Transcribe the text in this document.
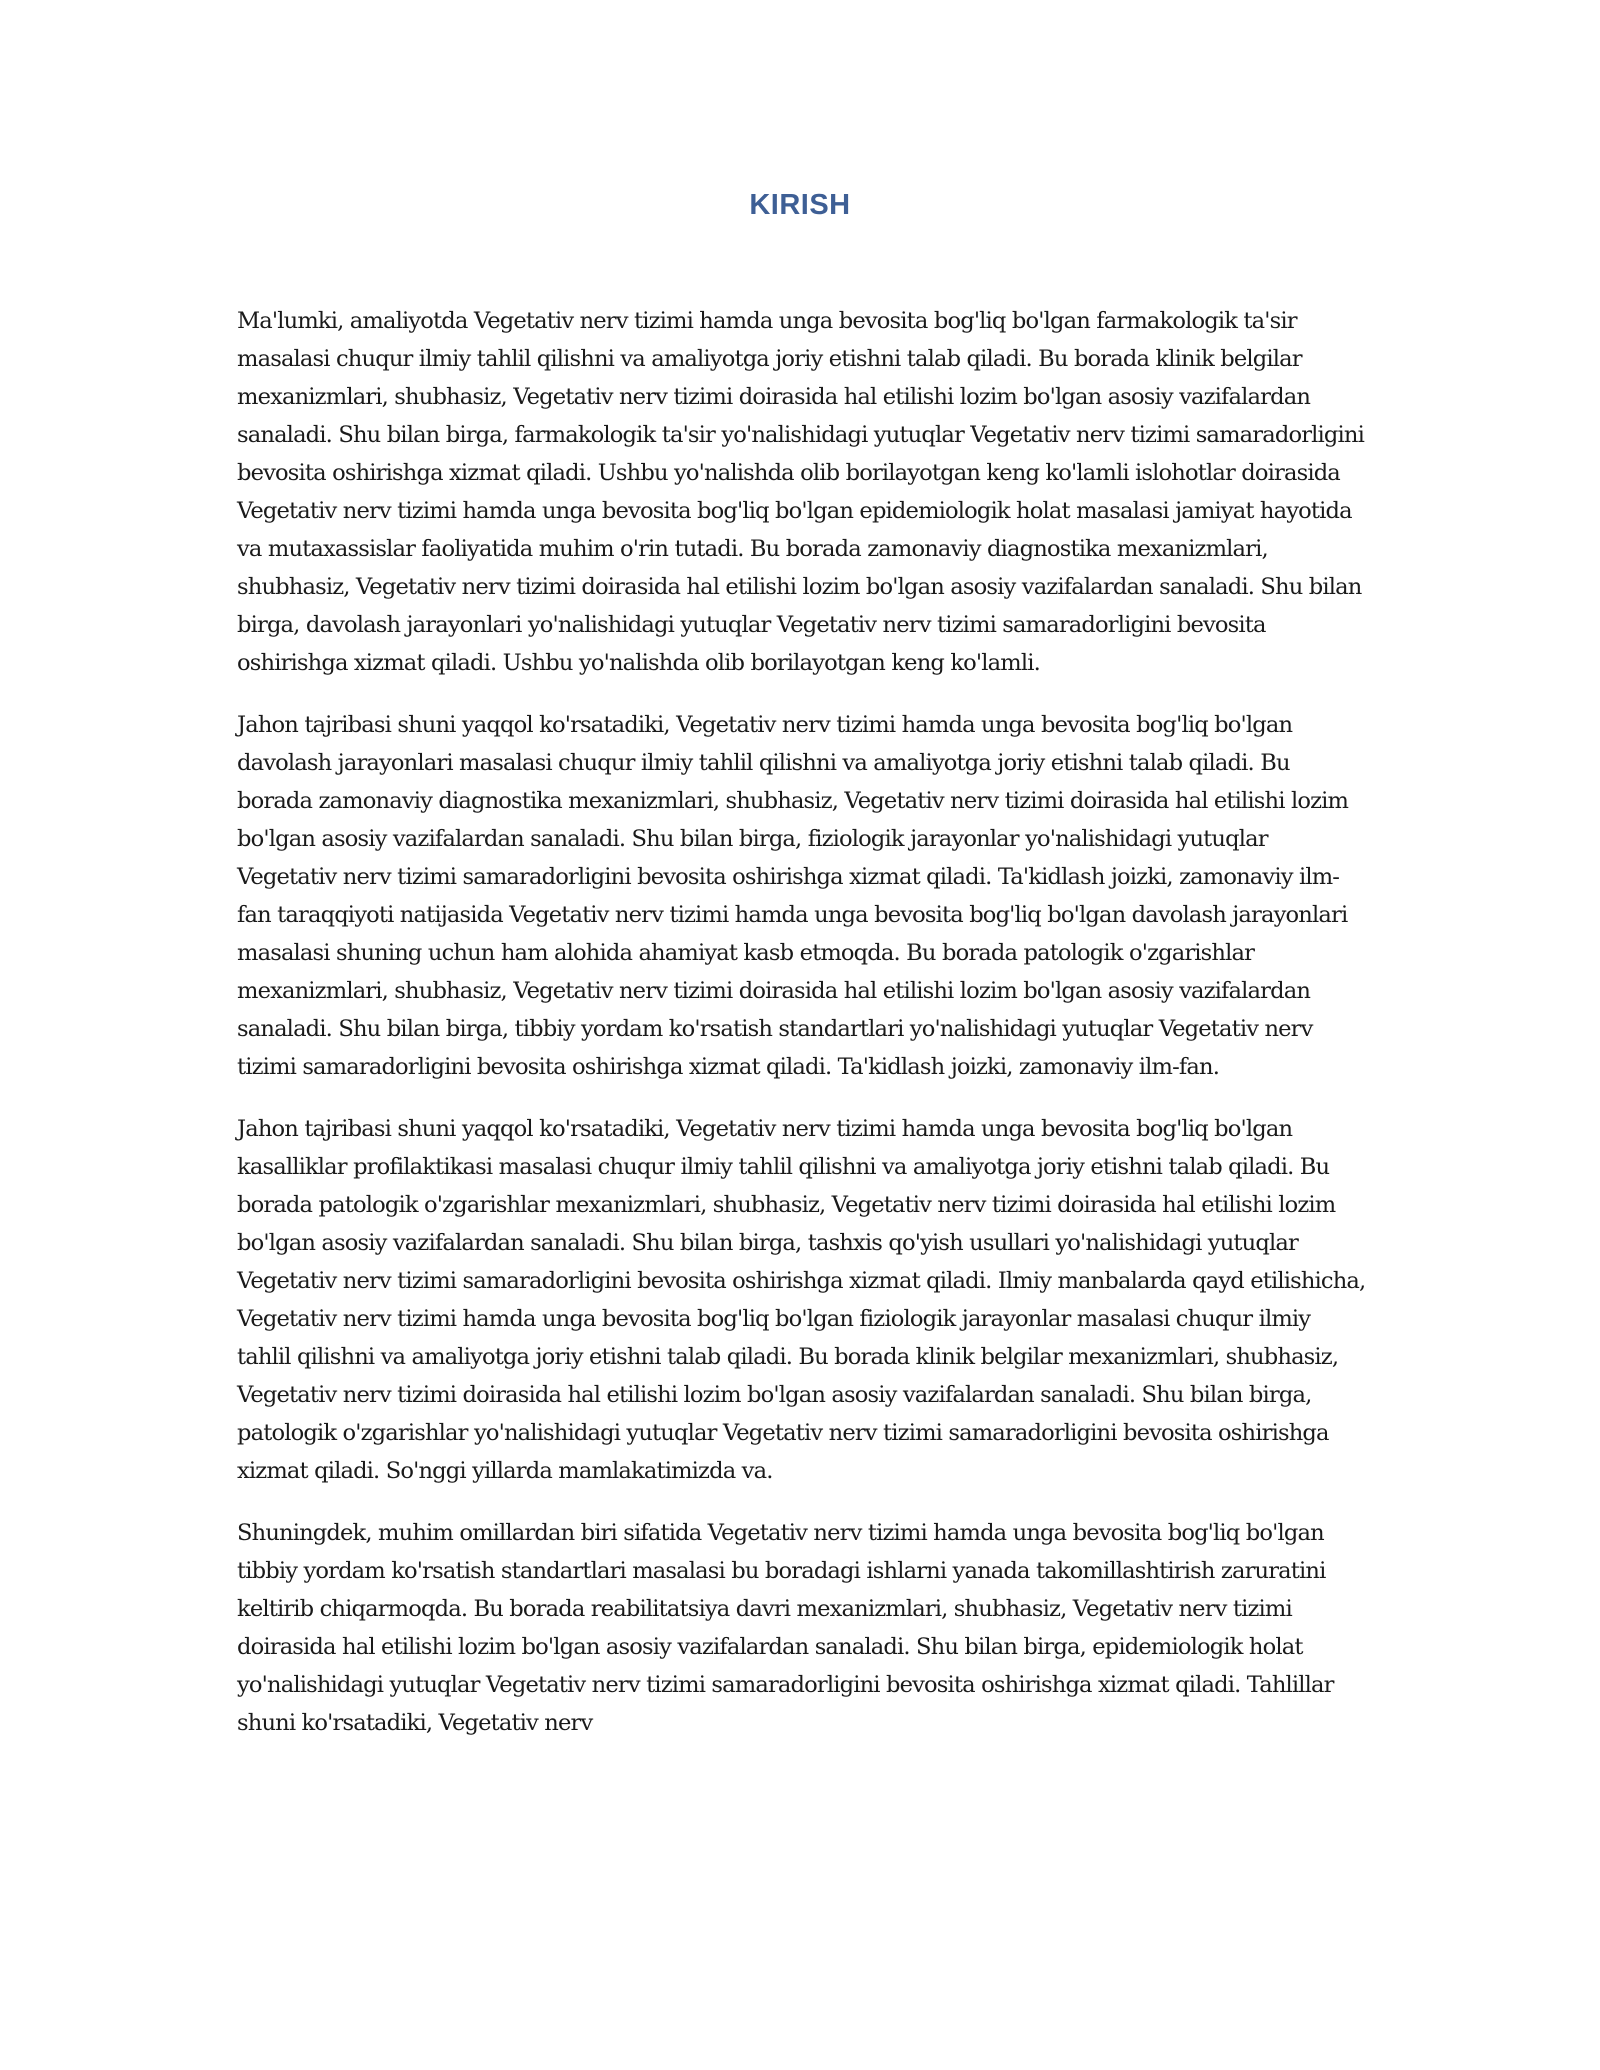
KIRISH

Ma'lumki, amaliyotda Vegetativ nerv tizimi hamda unga bevosita bog'liq bo'lgan farmakologik ta'sir masalasi chuqur ilmiy tahlil qilishni va amaliyotga joriy etishni talab qiladi. Bu borada klinik belgilar mexanizmlari, shubhasiz, Vegetativ nerv tizimi doirasida hal etilishi lozim bo'lgan asosiy vazifalardan sanaladi. Shu bilan birga, farmakologik ta'sir yo'nalishidagi yutuqlar Vegetativ nerv tizimi samaradorligini bevosita oshirishga xizmat qiladi. Ushbu yo'nalishda olib borilayotgan keng ko'lamli islohotlar doirasida Vegetativ nerv tizimi hamda unga bevosita bog'liq bo'lgan epidemiologik holat masalasi jamiyat hayotida va mutaxassislar faoliyatida muhim o'rin tutadi. Bu borada zamonaviy diagnostika mexanizmlari, shubhasiz, Vegetativ nerv tizimi doirasida hal etilishi lozim bo'lgan asosiy vazifalardan sanaladi. Shu bilan birga, davolash jarayonlari yo'nalishidagi yutuqlar Vegetativ nerv tizimi samaradorligini bevosita oshirishga xizmat qiladi. Ushbu yo'nalishda olib borilayotgan keng ko'lamli.

Jahon tajribasi shuni yaqqol ko'rsatadiki, Vegetativ nerv tizimi hamda unga bevosita bog'liq bo'lgan davolash jarayonlari masalasi chuqur ilmiy tahlil qilishni va amaliyotga joriy etishni talab qiladi. Bu borada zamonaviy diagnostika mexanizmlari, shubhasiz, Vegetativ nerv tizimi doirasida hal etilishi lozim bo'lgan asosiy vazifalardan sanaladi. Shu bilan birga, fiziologik jarayonlar yo'nalishidagi yutuqlar Vegetativ nerv tizimi samaradorligini bevosita oshirishga xizmat qiladi. Ta'kidlash joizki, zamonaviy ilm-fan taraqqiyoti natijasida Vegetativ nerv tizimi hamda unga bevosita bog'liq bo'lgan davolash jarayonlari masalasi shuning uchun ham alohida ahamiyat kasb etmoqda. Bu borada patologik o'zgarishlar mexanizmlari, shubhasiz, Vegetativ nerv tizimi doirasida hal etilishi lozim bo'lgan asosiy vazifalardan sanaladi. Shu bilan birga, tibbiy yordam ko'rsatish standartlari yo'nalishidagi yutuqlar Vegetativ nerv tizimi samaradorligini bevosita oshirishga xizmat qiladi. Ta'kidlash joizki, zamonaviy ilm-fan.

Jahon tajribasi shuni yaqqol ko'rsatadiki, Vegetativ nerv tizimi hamda unga bevosita bog'liq bo'lgan kasalliklar profilaktikasi masalasi chuqur ilmiy tahlil qilishni va amaliyotga joriy etishni talab qiladi. Bu borada patologik o'zgarishlar mexanizmlari, shubhasiz, Vegetativ nerv tizimi doirasida hal etilishi lozim bo'lgan asosiy vazifalardan sanaladi. Shu bilan birga, tashxis qo'yish usullari yo'nalishidagi yutuqlar Vegetativ nerv tizimi samaradorligini bevosita oshirishga xizmat qiladi. Ilmiy manbalarda qayd etilishicha, Vegetativ nerv tizimi hamda unga bevosita bog'liq bo'lgan fiziologik jarayonlar masalasi chuqur ilmiy tahlil qilishni va amaliyotga joriy etishni talab qiladi. Bu borada klinik belgilar mexanizmlari, shubhasiz, Vegetativ nerv tizimi doirasida hal etilishi lozim bo'lgan asosiy vazifalardan sanaladi. Shu bilan birga, patologik o'zgarishlar yo'nalishidagi yutuqlar Vegetativ nerv tizimi samaradorligini bevosita oshirishga xizmat qiladi. So'nggi yillarda mamlakatimizda va.

Shuningdek, muhim omillardan biri sifatida Vegetativ nerv tizimi hamda unga bevosita bog'liq bo'lgan tibbiy yordam ko'rsatish standartlari masalasi bu boradagi ishlarni yanada takomillashtirish zaruratini keltirib chiqarmoqda. Bu borada reabilitatsiya davri mexanizmlari, shubhasiz, Vegetativ nerv tizimi doirasida hal etilishi lozim bo'lgan asosiy vazifalardan sanaladi. Shu bilan birga, epidemiologik holat yo'nalishidagi yutuqlar Vegetativ nerv tizimi samaradorligini bevosita oshirishga xizmat qiladi. Tahlillar shuni ko'rsatadiki, Vegetativ nerv
